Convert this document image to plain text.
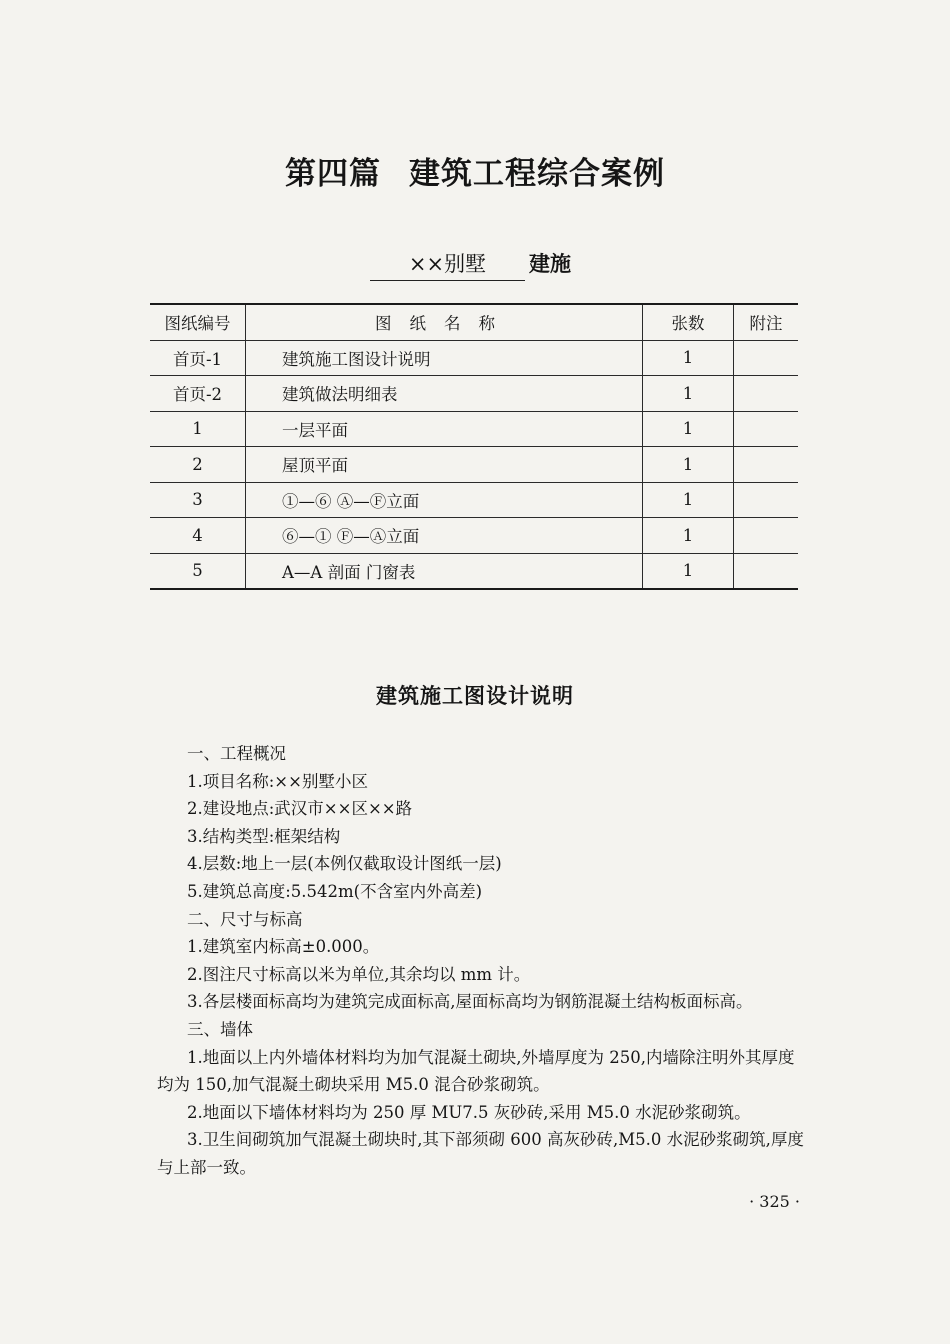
第四篇 建筑工程综合案例
××别墅 建施
图纸编号	图纸名称	张数	附注
首页-1	建筑施工图设计说明	1	
首页-2	建筑做法明细表	1	
1	一层平面	1	
2	屋顶平面	1	
3	①—⑥ Ⓐ—Ⓕ立面	1	
4	⑥—① Ⓕ—Ⓐ立面	1	
5	A—A 剖面 门窗表	1	
建筑施工图设计说明
一、工程概况
1.项目名称:××别墅小区
2.建设地点:武汉市××区××路
3.结构类型:框架结构
4.层数:地上一层(本例仅截取设计图纸一层)
5.建筑总高度:5.542m(不含室内外高差)
二、尺寸与标高
1.建筑室内标高±0.000。
2.图注尺寸标高以米为单位,其余均以 mm 计。
3.各层楼面标高均为建筑完成面标高,屋面标高均为钢筋混凝土结构板面标高。
三、墙体
1.地面以上内外墙体材料均为加气混凝土砌块,外墙厚度为 250,内墙除注明外其厚度
均为 150,加气混凝土砌块采用 M5.0 混合砂浆砌筑。
2.地面以下墙体材料均为 250 厚 MU7.5 灰砂砖,采用 M5.0 水泥砂浆砌筑。
3.卫生间砌筑加气混凝土砌块时,其下部须砌 600 高灰砂砖,M5.0 水泥砂浆砌筑,厚度
与上部一致。
· 325 ·
